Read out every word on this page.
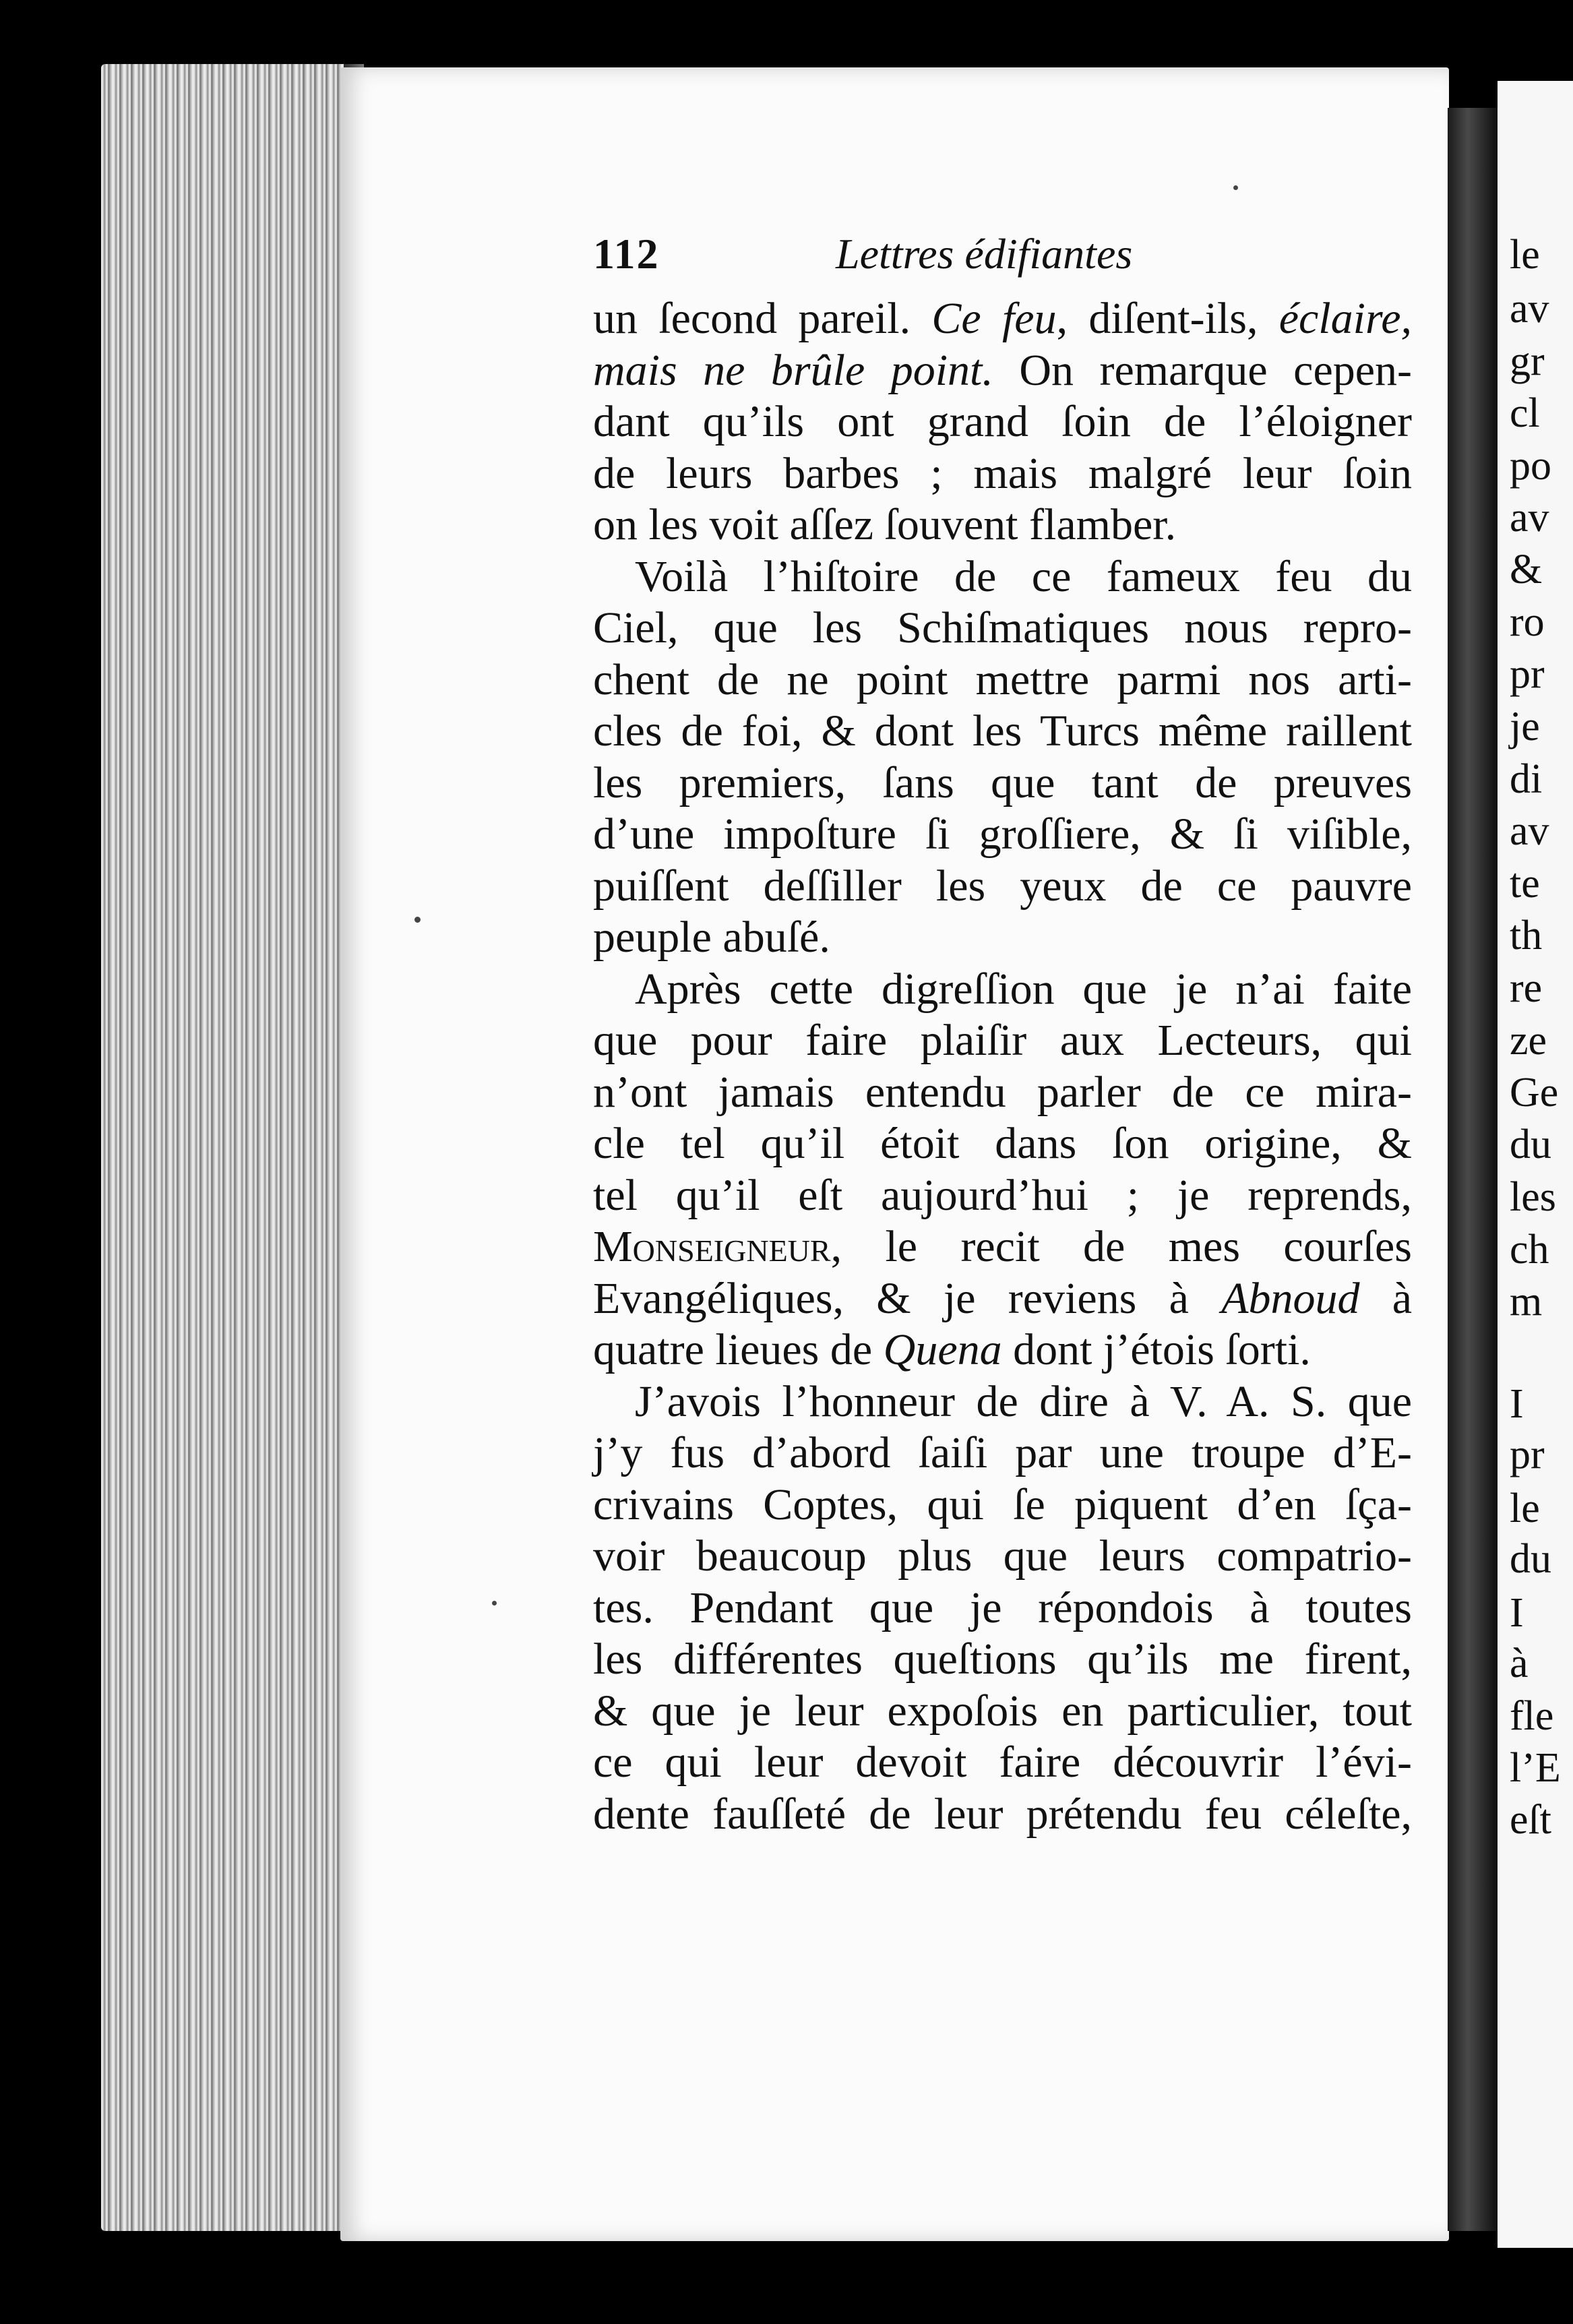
112	Lettres édifiantes
un ſecond pareil. Ce feu, diſent-ils, éclaire,
mais ne brûle point. On remarque cepen-
dant qu’ils ont grand ſoin de l’éloigner
de leurs barbes ; mais malgré leur ſoin
on les voit aſſez ſouvent flamber.
Voilà l’hiſtoire de ce fameux feu du
Ciel, que les Schiſmatiques nous repro-
chent de ne point mettre parmi nos arti-
cles de foi, & dont les Turcs même raillent
les premiers, ſans que tant de preuves
d’une impoſture ſi groſſiere, & ſi viſible,
puiſſent deſſiller les yeux de ce pauvre
peuple abuſé.
Après cette digreſſion que je n’ai faite
que pour faire plaiſir aux Lecteurs, qui
n’ont jamais entendu parler de ce mira-
cle tel qu’il étoit dans ſon origine, &
tel qu’il eſt aujourd’hui ; je reprends,
Monseigneur, le recit de mes courſes
Evangéliques, & je reviens à Abnoud à
quatre lieues de Quena dont j’étois ſorti.
J’avois l’honneur de dire à V. A. S. que
j’y fus d’abord ſaiſi par une troupe d’E-
crivains Coptes, qui ſe piquent d’en ſça-
voir beaucoup plus que leurs compatrio-
tes. Pendant que je répondois à toutes
les différentes queſtions qu’ils me firent,
& que je leur expoſois en particulier, tout
ce qui leur devoit faire découvrir l’évi-
dente fauſſeté de leur prétendu feu céleſte,
le
av
gr
cl
po
av
&
ro
pr
je
di
av
te
th
re
ze
Ge
du
les
ch
m
I
pr
le
du
I
à
fle
l’E
eſt
